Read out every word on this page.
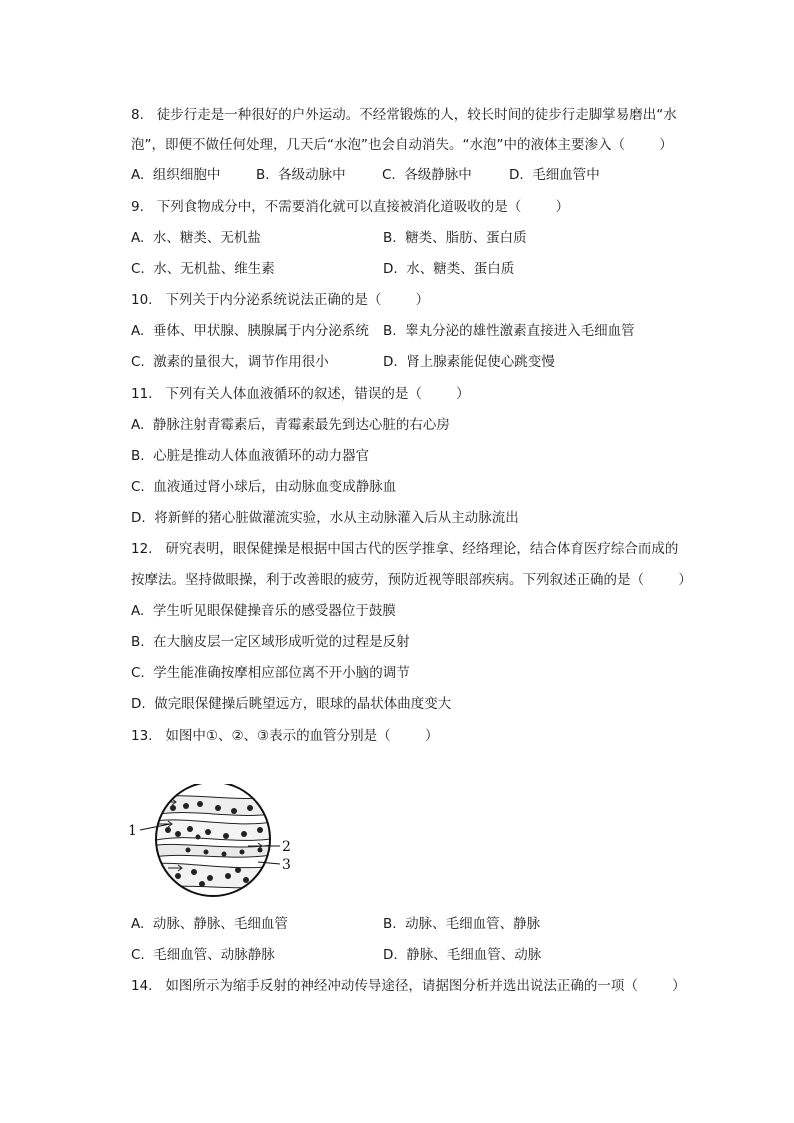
8.   徒步行走是一种很好的户外运动。不经常锻炼的人，较长时间的徒步行走脚掌易磨出“水
泡”，即便不做任何处理，几天后“水泡”也会自动消失。“水泡”中的液体主要渗入（        ）
A.  组织细胞中	B.  各级动脉中	C.  各级静脉中	D.  毛细血管中
9.   下列食物成分中，不需要消化就可以直接被消化道吸收的是（        ）
A.  水、糖类、无机盐	B.  糖类、脂肪、蛋白质
C.  水、无机盐、维生素	D.  水、糖类、蛋白质
10.   下列关于内分泌系统说法正确的是（        ）
A.  垂体、甲状腺、胰腺属于内分泌系统 B.  睾丸分泌的雄性激素直接进入毛细血管
C.  激素的量很大，调节作用很小	D.  肾上腺素能促使心跳变慢
11.   下列有关人体血液循环的叙述，错误的是（        ）
A.  静脉注射青霉素后，青霉素最先到达心脏的右心房
B.  心脏是推动人体血液循环的动力器官
C.  血液通过肾小球后，由动脉血变成静脉血
D.  将新鲜的猪心脏做灌流实验，水从主动脉灌入后从主动脉流出
12.   研究表明，眼保健操是根据中国古代的医学推拿、经络理论，结合体育医疗综合而成的
按摩法。坚持做眼操，利于改善眼的疲劳，预防近视等眼部疾病。下列叙述正确的是（        ）
A.  学生听见眼保健操音乐的感受器位于鼓膜
B.  在大脑皮层一定区域形成听觉的过程是反射
C.  学生能准确按摩相应部位离不开小脑的调节
D.  做完眼保健操后眺望远方，眼球的晶状体曲度变大
13.   如图中①、②、③表示的血管分别是（        ）
1
2
3
A.  动脉、静脉、毛细血管	B.  动脉、毛细血管、静脉
C.  毛细血管、动脉静脉	D.  静脉、毛细血管、动脉
14.   如图所示为缩手反射的神经冲动传导途径，请据图分析并选出说法正确的一项（        ）
